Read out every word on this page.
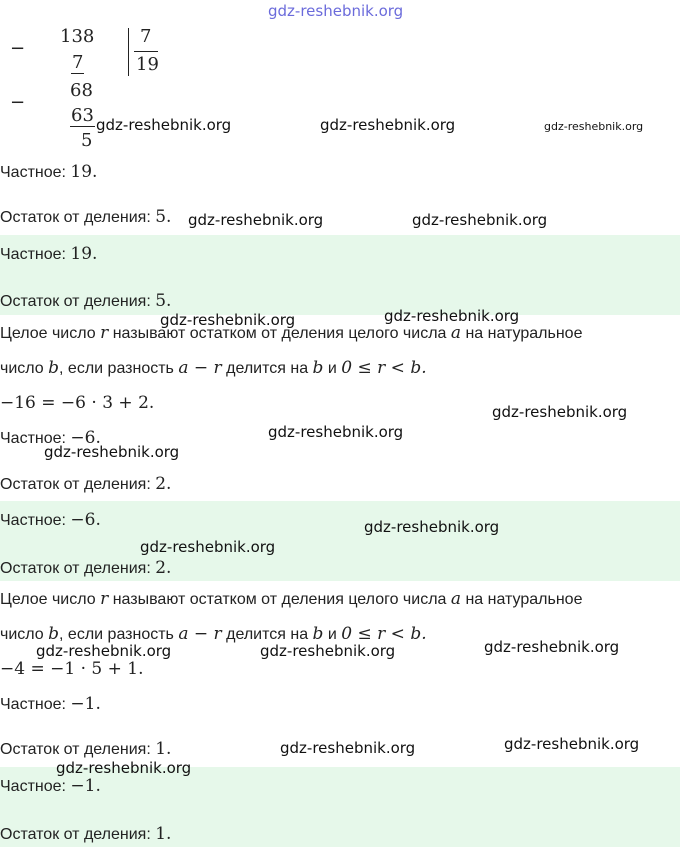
gdz-reshebnik.org
−
138	7
19
7
−
68
63
5
gdz-reshebnik.org	gdz-reshebnik.org	gdz-reshebnik.org
Частное: 19.
Остаток от деления: 5. gdz-reshebnik.org	gdz-reshebnik.org
Частное: 19.
Остаток от деления: 5.
gdz-reshebnik.org	gdz-reshebnik.org
Целое число r называют остатком от деления целого числа a на натуральное
число b, если разность a − r делится на b и 0 ≤ r < b.
−16 = −6 · 3 + 2.	gdz-reshebnik.org
Частное: −6.	gdz-reshebnik.org
gdz-reshebnik.org
Остаток от деления: 2.
Частное: −6.
Остаток от деления: 2.
gdz-reshebnik.org
gdz-reshebnik.org
Целое число r называют остатком от деления целого числа a на натуральное
число b, если разность a − r делится на b и 0 ≤ r < b.
gdz-reshebnik.org	gdz-reshebnik.org	gdz-reshebnik.org
−4 = −1 · 5 + 1.
Частное: −1.
Остаток от деления: 1.	gdz-reshebnik.org	gdz-reshebnik.org
Частное: −1.
Остаток от деления: 1.
gdz-reshebnik.org
